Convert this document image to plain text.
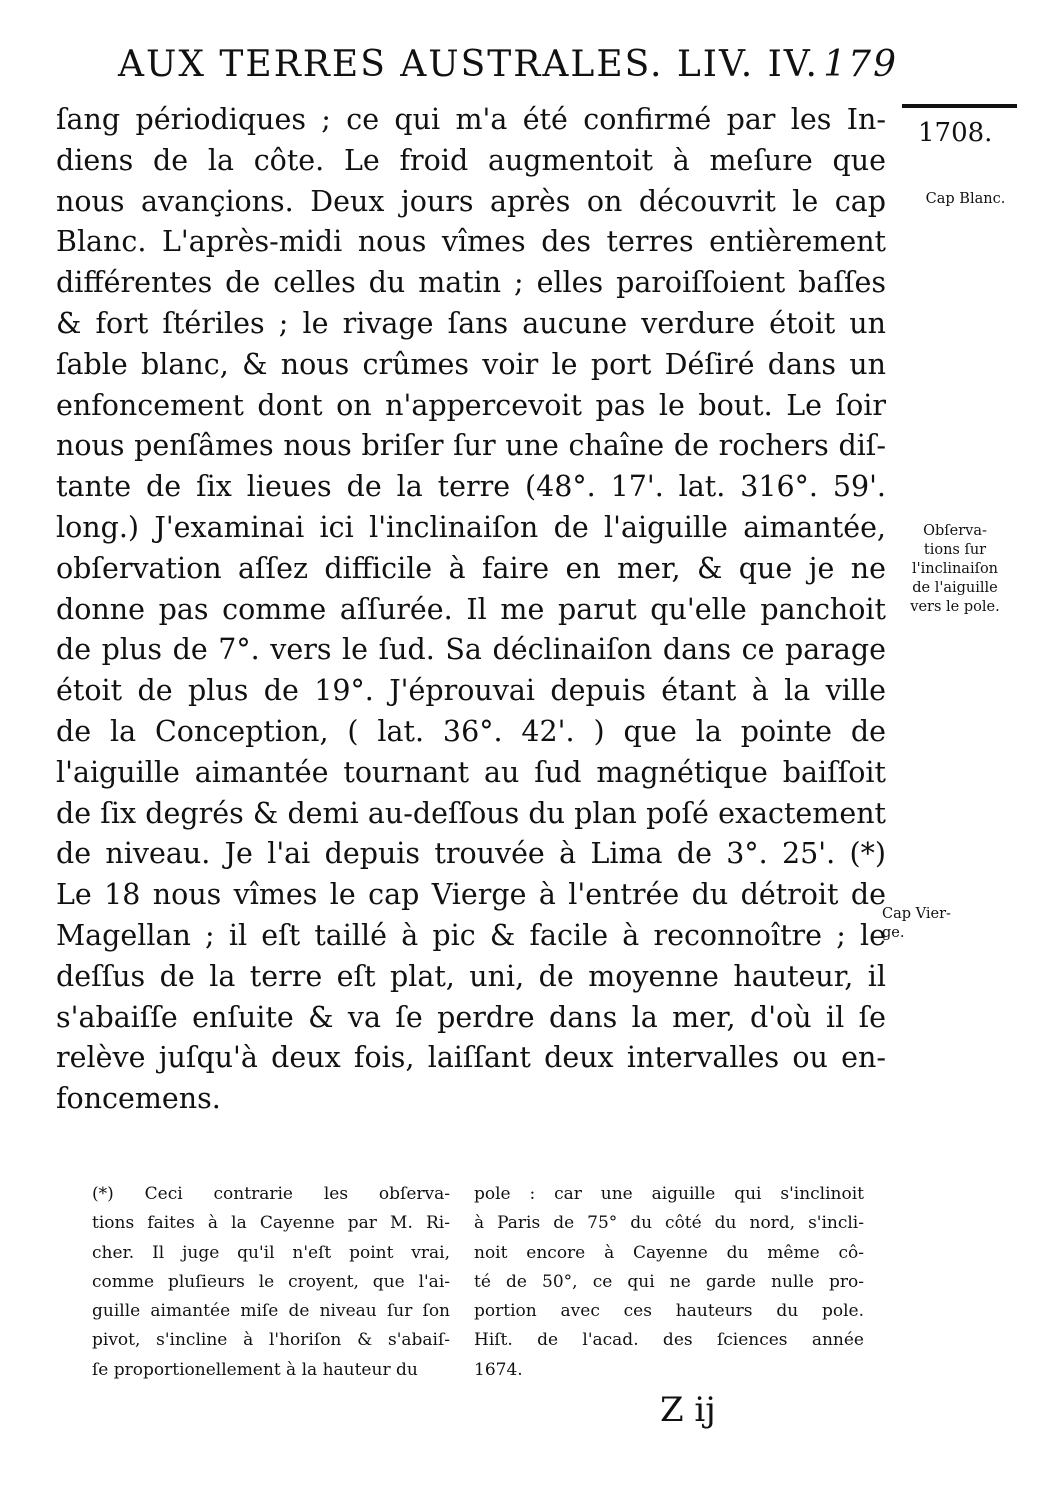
AUX TERRES AUSTRALES. LIV. IV. 179
1708.
ſang périodiques ; ce qui m'a été confirmé par les In-
diens de la côte. Le froid augmentoit à meſure que
nous avançions. Deux jours après on découvrit le cap
Blanc. L'après-midi nous vîmes des terres entièrement
différentes de celles du matin ; elles paroiſſoient baſſes
& fort ſtériles ; le rivage ſans aucune verdure étoit un
ſable blanc, & nous crûmes voir le port Déſiré dans un
enfoncement dont on n'appercevoit pas le bout. Le ſoir
nous penſâmes nous briſer ſur une chaîne de rochers diſ-
tante de ſix lieues de la terre (48°. 17'. lat. 316°. 59'.
long.) J'examinai ici l'inclinaiſon de l'aiguille aimantée,
obſervation aſſez difficile à faire en mer, & que je ne
donne pas comme aſſurée. Il me parut qu'elle panchoit
de plus de 7°. vers le ſud. Sa déclinaiſon dans ce parage
étoit de plus de 19°. J'éprouvai depuis étant à la ville
de la Conception, ( lat. 36°. 42'. ) que la pointe de
l'aiguille aimantée tournant au ſud magnétique baiſſoit
de ſix degrés & demi au-deſſous du plan poſé exactement
de niveau. Je l'ai depuis trouvée à Lima de 3°. 25'. (*)
Le 18 nous vîmes le cap Vierge à l'entrée du détroit de
Magellan ; il eſt taillé à pic & facile à reconnoître ; le
deſſus de la terre eſt plat, uni, de moyenne hauteur, il
s'abaiſſe enſuite & va ſe perdre dans la mer, d'où il ſe
relève juſqu'à deux fois, laiſſant deux intervalles ou en-
foncemens.
Cap Blanc.
Obſerva-
tions ſur
l'inclinaiſon
de l'aiguille
vers le pole.
Cap Vier-
ge.
(*) Ceci contrarie les obſerva-
tions faites à la Cayenne par M. Ri-
cher. Il juge qu'il n'eſt point vrai,
comme pluſieurs le croyent, que l'ai-
guille aimantée miſe de niveau ſur ſon
pivot, s'incline à l'horiſon & s'abaiſ-
ſe proportionellement à la hauteur du
pole : car une aiguille qui s'inclinoit
à Paris de 75° du côté du nord, s'incli-
noit encore à Cayenne du même cô-
té de 50°, ce qui ne garde nulle pro-
portion avec ces hauteurs du pole.
Hiſt. de l'acad. des ſciences année
1674.
Z ij
